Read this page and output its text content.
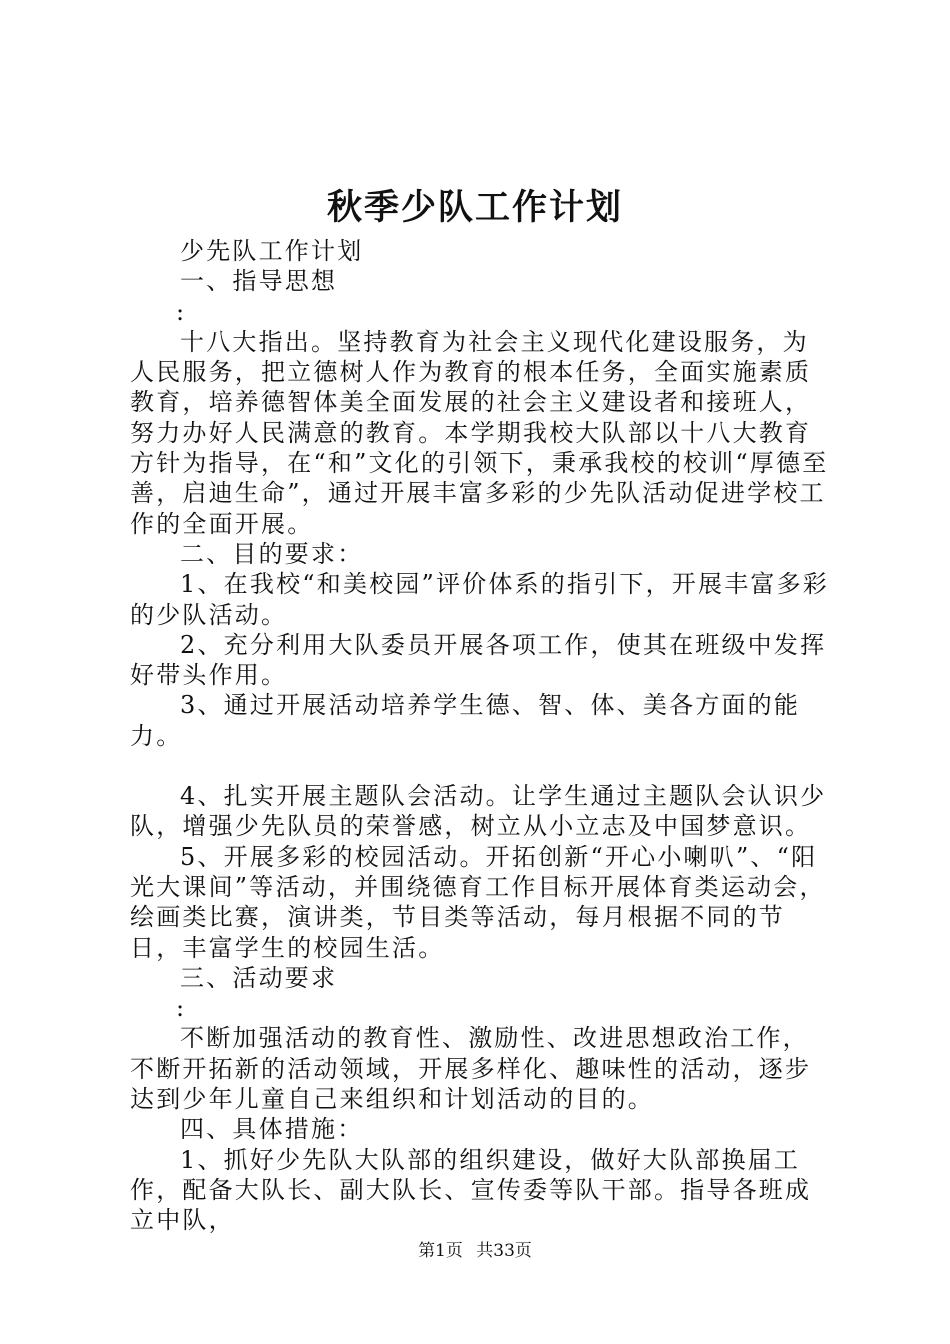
秋季少队工作计划

少先队工作计划

一、指导思想

:

十八大指出。坚持教育为社会主义现代化建设服务，为人民服务，把立德树人作为教育的根本任务，全面实施素质教育，培养德智体美全面发展的社会主义建设者和接班人，努力办好人民满意的教育。本学期我校大队部以十八大教育方针为指导，在“和”文化的引领下，秉承我校的校训“厚德至善，启迪生命”，通过开展丰富多彩的少先队活动促进学校工作的全面开展。

二、目的要求：

1、在我校“和美校园”评价体系的指引下，开展丰富多彩的少队活动。

2、充分利用大队委员开展各项工作，使其在班级中发挥好带头作用。

3、通过开展活动培养学生德、智、体、美各方面的能力。

4、扎实开展主题队会活动。让学生通过主题队会认识少队，增强少先队员的荣誉感，树立从小立志及中国梦意识。

5、开展多彩的校园活动。开拓创新“开心小喇叭”、“阳光大课间”等活动，并围绕德育工作目标开展体育类运动会，绘画类比赛，演讲类，节目类等活动，每月根据不同的节日，丰富学生的校园生活。

三、活动要求

:

不断加强活动的教育性、激励性、改进思想政治工作，不断开拓新的活动领域，开展多样化、趣味性的活动，逐步达到少年儿童自己来组织和计划活动的目的。

四、具体措施：

1、抓好少先队大队部的组织建设，做好大队部换届工作，配备大队长、副大队长、宣传委等队干部。指导各班成立中队，

第1页 共33页
